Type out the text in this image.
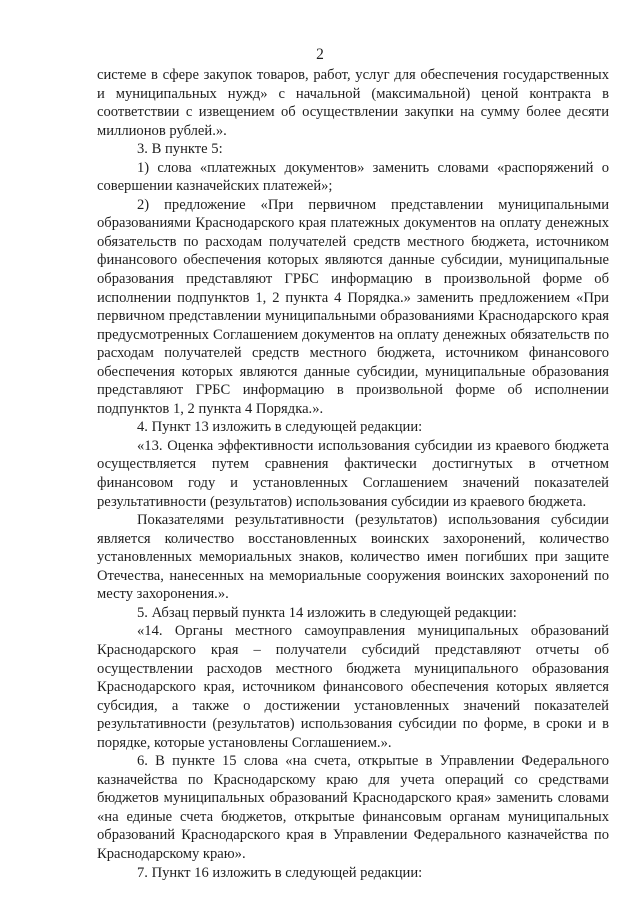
2

системе в сфере закупок товаров, работ, услуг для обеспечения государственных и муниципальных нужд» с начальной (максимальной) ценой контракта в соответствии с извещением об осуществлении закупки на сумму более десяти миллионов рублей.».

3. В пункте 5:

1) слова «платежных документов» заменить словами «распоряжений о совершении казначейских платежей»;

2) предложение «При первичном представлении муниципальными образованиями Краснодарского края платежных документов на оплату денежных обязательств по расходам получателей средств местного бюджета, источником финансового обеспечения которых являются данные субсидии, муниципальные образования представляют ГРБС информацию в произвольной форме об исполнении подпунктов 1, 2 пункта 4 Порядка.» заменить предложением «При первичном представлении муниципальными образованиями Краснодарского края предусмотренных Соглашением документов на оплату денежных обязательств по расходам получателей средств местного бюджета, источником финансового обеспечения которых являются данные субсидии, муниципальные образования представляют ГРБС информацию в произвольной форме об исполнении подпунктов 1, 2 пункта 4 Порядка.».

4. Пункт 13 изложить в следующей редакции:

«13. Оценка эффективности использования субсидии из краевого бюджета осуществляется путем сравнения фактически достигнутых в отчетном финансовом году и установленных Соглашением значений показателей результативности (результатов) использования субсидии из краевого бюджета.

Показателями результативности (результатов) использования субсидии является количество восстановленных воинских захоронений, количество установленных мемориальных знаков, количество имен погибших при защите Отечества, нанесенных на мемориальные сооружения воинских захоронений по месту захоронения.».

5. Абзац первый пункта 14 изложить в следующей редакции:

«14. Органы местного самоуправления муниципальных образований Краснодарского края – получатели субсидий представляют отчеты об осуществлении расходов местного бюджета муниципального образования Краснодарского края, источником финансового обеспечения которых является субсидия, а также о достижении установленных значений показателей результативности (результатов) использования субсидии по форме, в сроки и в порядке, которые установлены Соглашением.».

6. В пункте 15 слова «на счета, открытые в Управлении Федерального казначейства по Краснодарскому краю для учета операций со средствами бюджетов муниципальных образований Краснодарского края» заменить словами «на единые счета бюджетов, открытые финансовым органам муниципальных образований Краснодарского края в Управлении Федерального казначейства по Краснодарскому краю».

7. Пункт 16 изложить в следующей редакции:
